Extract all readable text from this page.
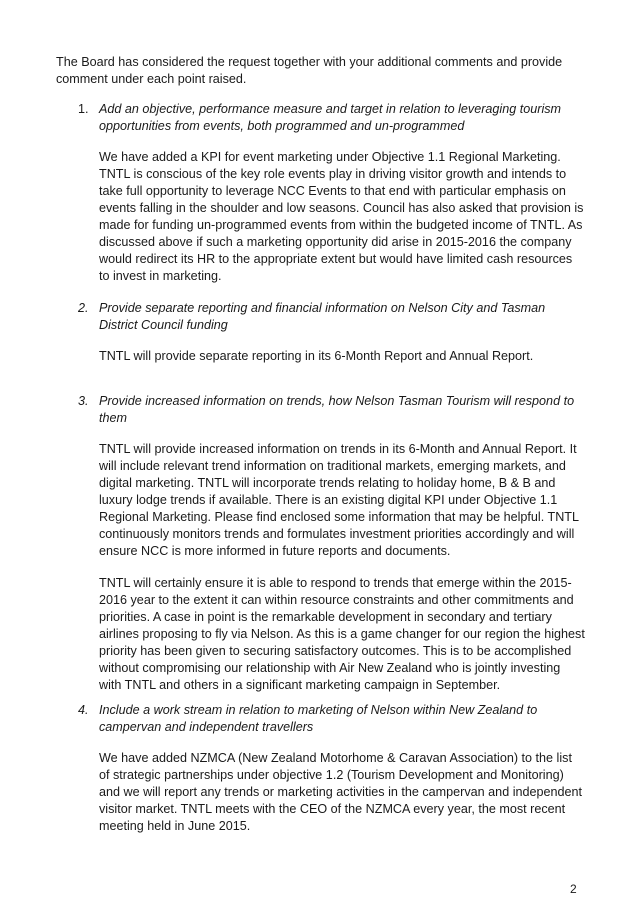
The Board has considered the request together with your additional comments and provide comment under each point raised.

1. Add an objective, performance measure and target in relation to leveraging tourism opportunities from events, both programmed and un-programmed

We have added a KPI for event marketing under Objective 1.1 Regional Marketing. TNTL is conscious of the key role events play in driving visitor growth and intends to take full opportunity to leverage NCC Events to that end with particular emphasis on events falling in the shoulder and low seasons. Council has also asked that provision is made for funding un-programmed events from within the budgeted income of TNTL. As discussed above if such a marketing opportunity did arise in 2015-2016 the company would redirect its HR to the appropriate extent but would have limited cash resources to invest in marketing.

2. Provide separate reporting and financial information on Nelson City and Tasman District Council funding

TNTL will provide separate reporting in its 6-Month Report and Annual Report.

3. Provide increased information on trends, how Nelson Tasman Tourism will respond to them

TNTL will provide increased information on trends in its 6-Month and Annual Report. It will include relevant trend information on traditional markets, emerging markets, and digital marketing. TNTL will incorporate trends relating to holiday home, B & B and luxury lodge trends if available. There is an existing digital KPI under Objective 1.1 Regional Marketing. Please find enclosed some information that may be helpful. TNTL continuously monitors trends and formulates investment priorities accordingly and will ensure NCC is more informed in future reports and documents.

TNTL will certainly ensure it is able to respond to trends that emerge within the 2015-2016 year to the extent it can within resource constraints and other commitments and priorities. A case in point is the remarkable development in secondary and tertiary airlines proposing to fly via Nelson. As this is a game changer for our region the highest priority has been given to securing satisfactory outcomes. This is to be accomplished without compromising our relationship with Air New Zealand who is jointly investing with TNTL and others in a significant marketing campaign in September.

4. Include a work stream in relation to marketing of Nelson within New Zealand to campervan and independent travellers

We have added NZMCA (New Zealand Motorhome & Caravan Association) to the list of strategic partnerships under objective 1.2 (Tourism Development and Monitoring) and we will report any trends or marketing activities in the campervan and independent visitor market. TNTL meets with the CEO of the NZMCA every year, the most recent meeting held in June 2015.

2
